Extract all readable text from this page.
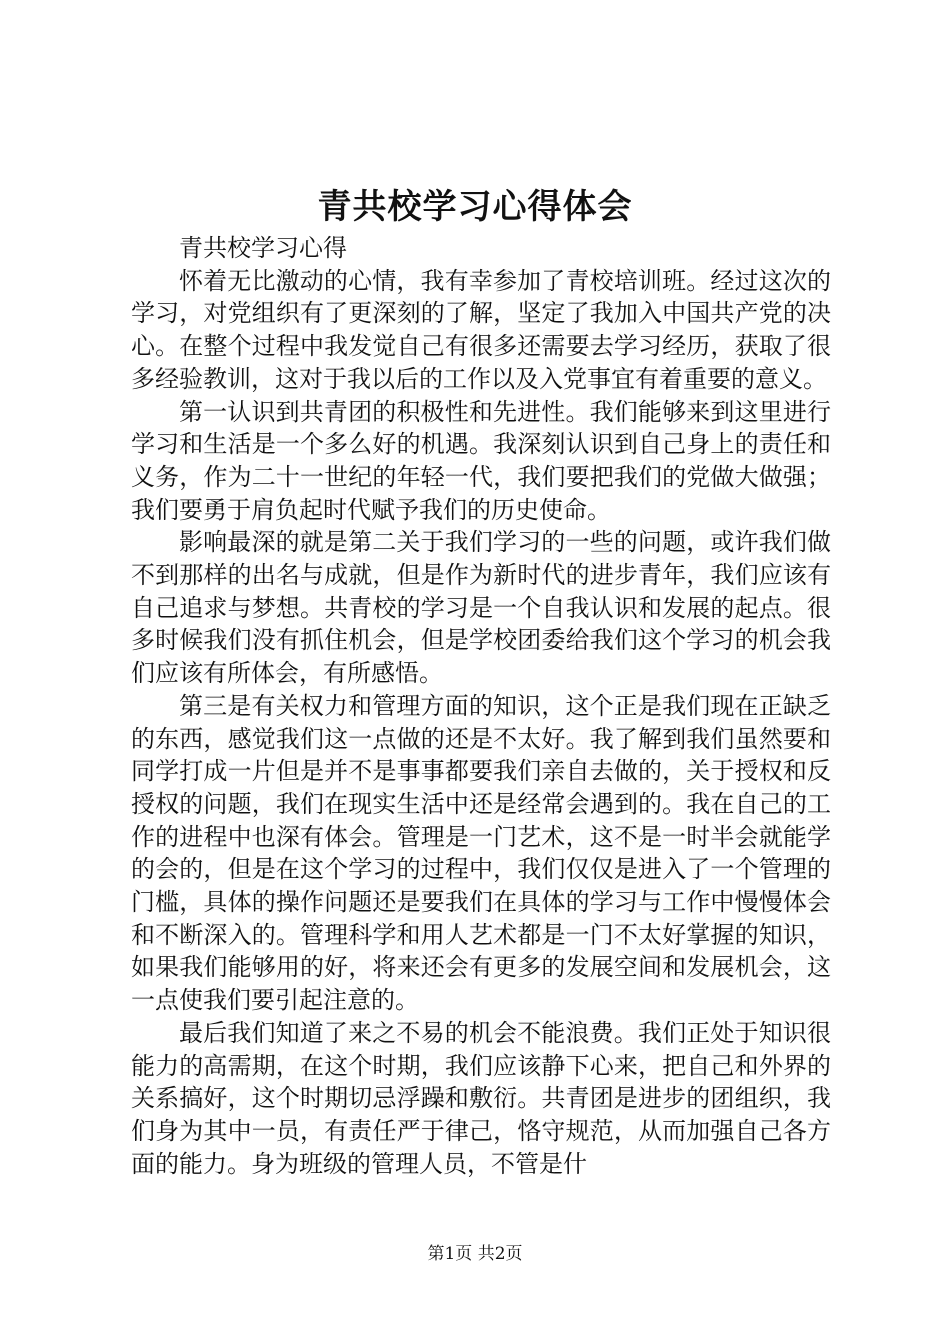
青共校学习心得体会

青共校学习心得

怀着无比激动的心情，我有幸参加了青校培训班。经过这次的学习，对党组织有了更深刻的了解，坚定了我加入中国共产党的决心。在整个过程中我发觉自己有很多还需要去学习经历，获取了很多经验教训，这对于我以后的工作以及入党事宜有着重要的意义。

第一认识到共青团的积极性和先进性。我们能够来到这里进行学习和生活是一个多么好的机遇。我深刻认识到自己身上的责任和义务，作为二十一世纪的年轻一代，我们要把我们的党做大做强；我们要勇于肩负起时代赋予我们的历史使命。

影响最深的就是第二关于我们学习的一些的问题，或许我们做不到那样的出名与成就，但是作为新时代的进步青年，我们应该有自己追求与梦想。共青校的学习是一个自我认识和发展的起点。很多时候我们没有抓住机会，但是学校团委给我们这个学习的机会我们应该有所体会，有所感悟。

第三是有关权力和管理方面的知识，这个正是我们现在正缺乏的东西，感觉我们这一点做的还是不太好。我了解到我们虽然要和同学打成一片但是并不是事事都要我们亲自去做的，关于授权和反授权的问题，我们在现实生活中还是经常会遇到的。我在自己的工作的进程中也深有体会。管理是一门艺术，这不是一时半会就能学的会的，但是在这个学习的过程中，我们仅仅是进入了一个管理的门槛，具体的操作问题还是要我们在具体的学习与工作中慢慢体会和不断深入的。管理科学和用人艺术都是一门不太好掌握的知识，如果我们能够用的好，将来还会有更多的发展空间和发展机会，这一点使我们要引起注意的。

最后我们知道了来之不易的机会不能浪费。我们正处于知识很能力的高需期，在这个时期，我们应该静下心来，把自己和外界的关系搞好，这个时期切忌浮躁和敷衍。共青团是进步的团组织，我们身为其中一员，有责任严于律己，恪守规范，从而加强自己各方面的能力。身为班级的管理人员，不管是什

第1页 共2页
